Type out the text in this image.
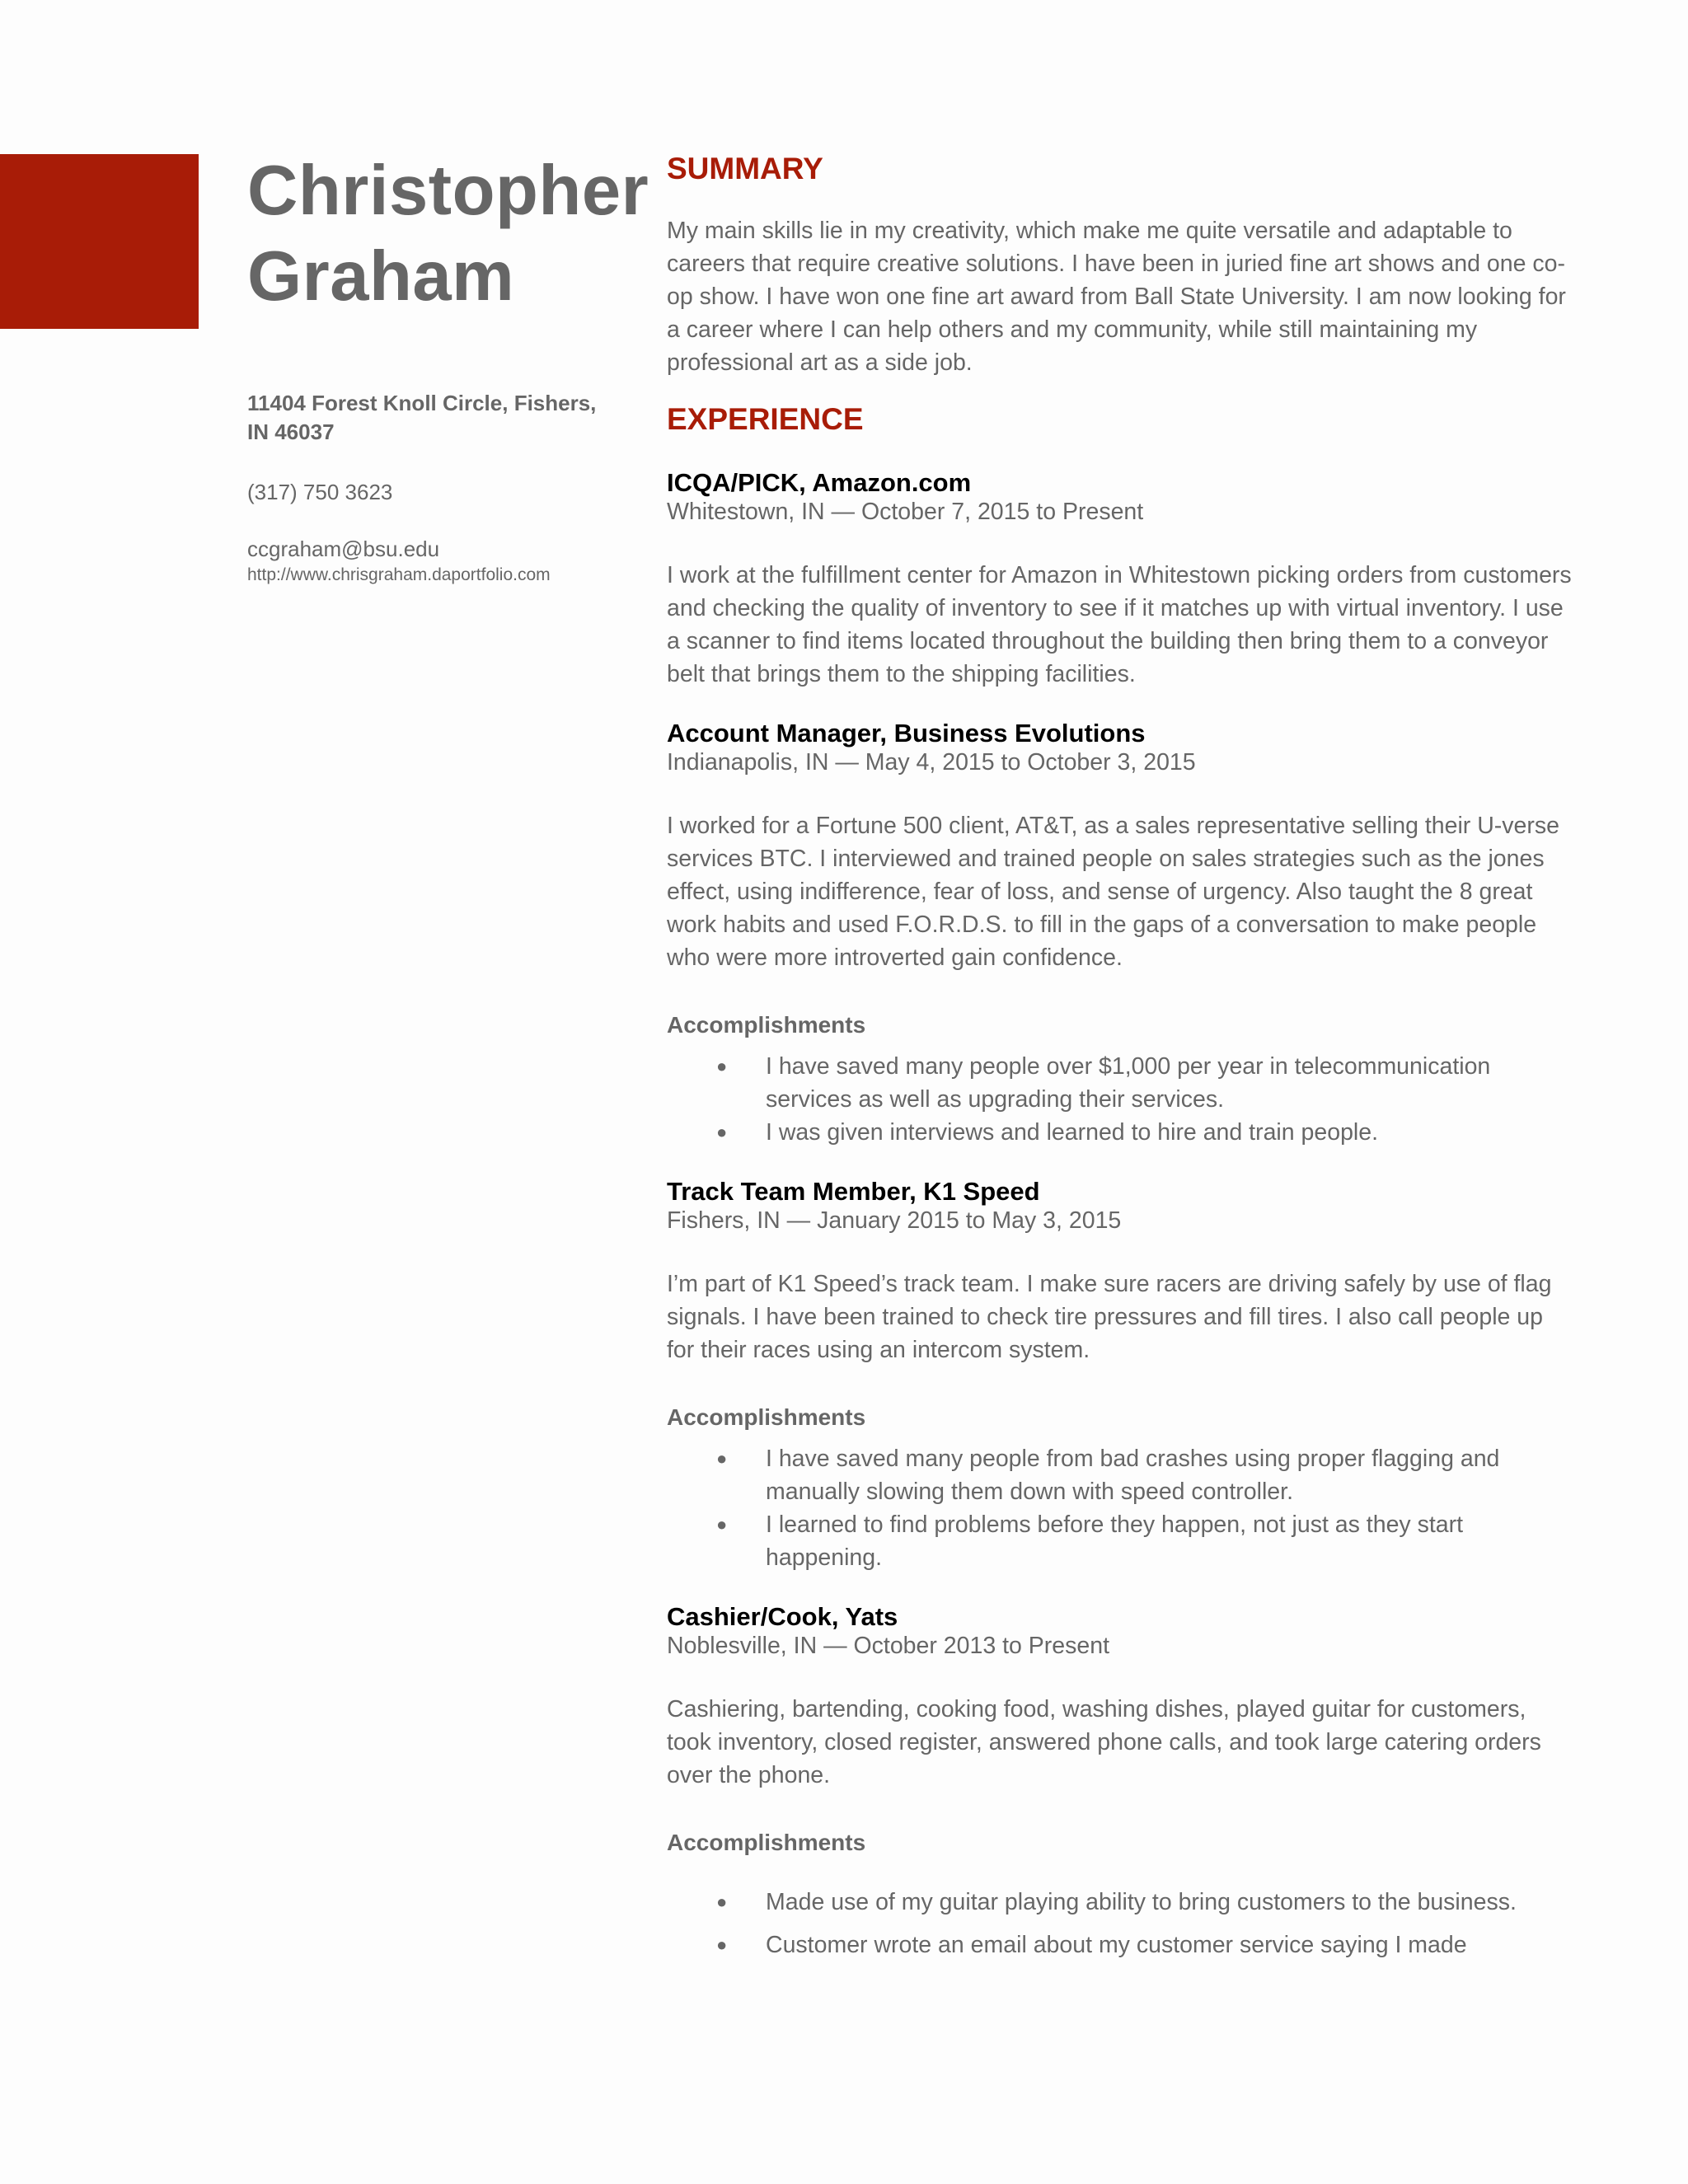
Christopher
Graham
11404 Forest Knoll Circle, Fishers,
IN 46037
(317) 750 3623
ccgraham@bsu.edu
http://www.chrisgraham.daportfolio.com
SUMMARY
My main skills lie in my creativity, which make me quite versatile and adaptable to careers that require creative solutions. I have been in juried fine art shows and one co-op show. I have won one fine art award from Ball State University. I am now looking for a career where I can help others and my community, while still maintaining my professional art as a side job.
EXPERIENCE
ICQA/PICK, Amazon.com
Whitestown, IN — October 7, 2015 to Present
I work at the fulfillment center for Amazon in Whitestown picking orders from customers and checking the quality of inventory to see if it matches up with virtual inventory. I use a scanner to find items located throughout the building then bring them to a conveyor belt that brings them to the shipping facilities.
Account Manager, Business Evolutions
Indianapolis, IN — May 4, 2015 to October 3, 2015
I worked for a Fortune 500 client, AT&T, as a sales representative selling their U-verse services BTC. I interviewed and trained people on sales strategies such as the jones effect, using indifference, fear of loss, and sense of urgency. Also taught the 8 great work habits and used F.O.R.D.S. to fill in the gaps of a conversation to make people who were more introverted gain confidence.
Accomplishments
● I have saved many people over $1,000 per year in telecommunication services as well as upgrading their services.
● I was given interviews and learned to hire and train people.
Track Team Member, K1 Speed
Fishers, IN — January 2015 to May 3, 2015
I’m part of K1 Speed’s track team. I make sure racers are driving safely by use of flag signals. I have been trained to check tire pressures and fill tires. I also call people up for their races using an intercom system.
Accomplishments
● I have saved many people from bad crashes using proper flagging and manually slowing them down with speed controller.
● I learned to find problems before they happen, not just as they start happening.
Cashier/Cook, Yats
Noblesville, IN — October 2013 to Present
Cashiering, bartending, cooking food, washing dishes, played guitar for customers, took inventory, closed register, answered phone calls, and took large catering orders over the phone.
Accomplishments
● Made use of my guitar playing ability to bring customers to the business.
● Customer wrote an email about my customer service saying I made
